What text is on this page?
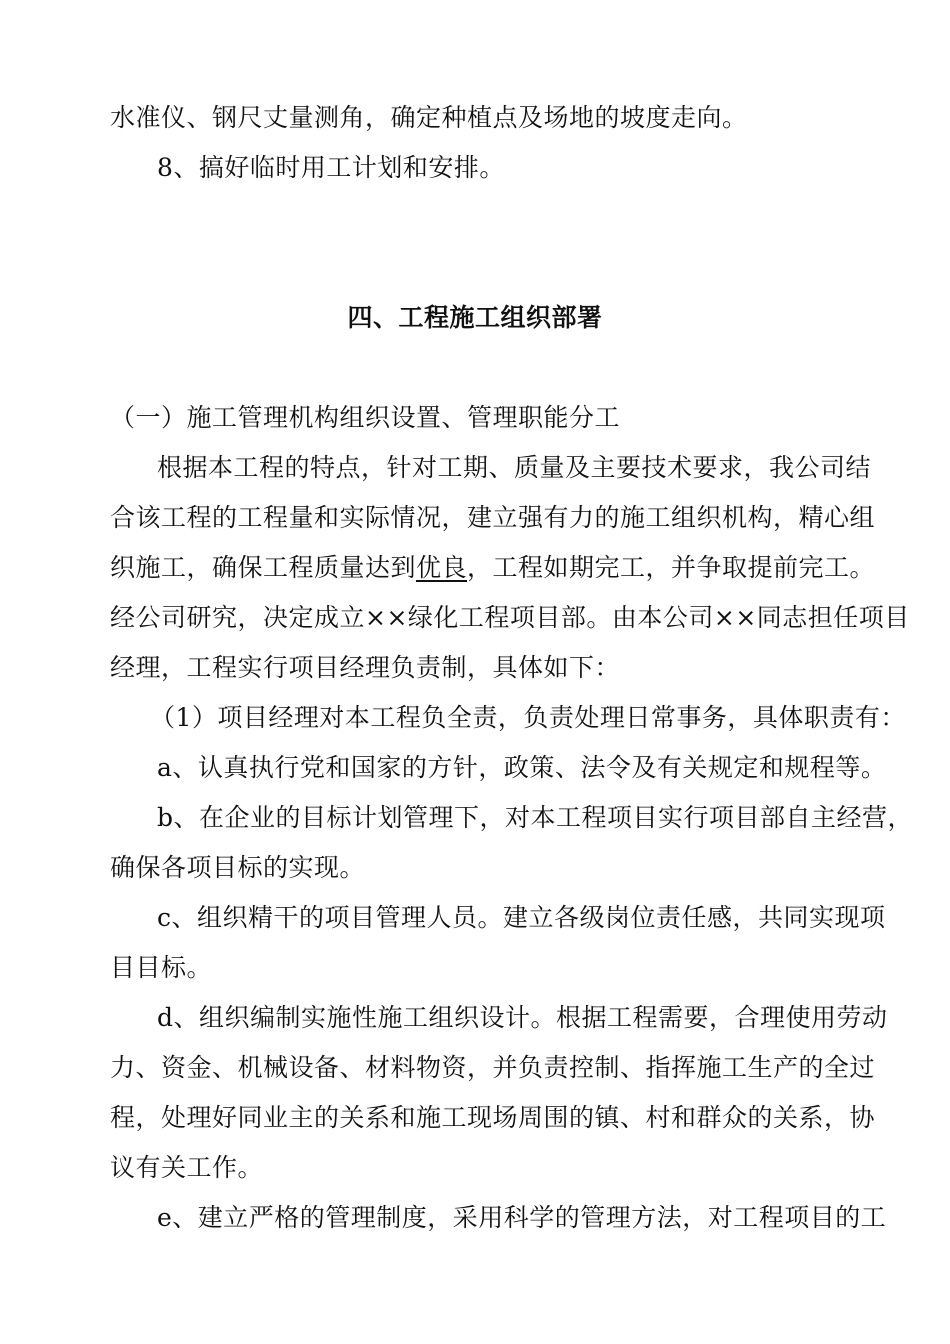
水准仪、钢尺丈量测角，确定种植点及场地的坡度走向。
8、搞好临时用工计划和安排。
四、工程施工组织部署
（一）施工管理机构组织设置、管理职能分工
根据本工程的特点，针对工期、质量及主要技术要求，我公司结
合该工程的工程量和实际情况，建立强有力的施工组织机构，精心组
织施工，确保工程质量达到优良，工程如期完工，并争取提前完工。
经公司研究，决定成立××绿化工程项目部。由本公司××同志担任项目
经理，工程实行项目经理负责制，具体如下：
（1）项目经理对本工程负全责，负责处理日常事务，具体职责有：
a、认真执行党和国家的方针，政策、法令及有关规定和规程等。
b、在企业的目标计划管理下，对本工程项目实行项目部自主经营，
确保各项目标的实现。
c、组织精干的项目管理人员。建立各级岗位责任感，共同实现项
目目标。
d、组织编制实施性施工组织设计。根据工程需要，合理使用劳动
力、资金、机械设备、材料物资，并负责控制、指挥施工生产的全过
程，处理好同业主的关系和施工现场周围的镇、村和群众的关系，协
议有关工作。
e、建立严格的管理制度，采用科学的管理方法，对工程项目的工
